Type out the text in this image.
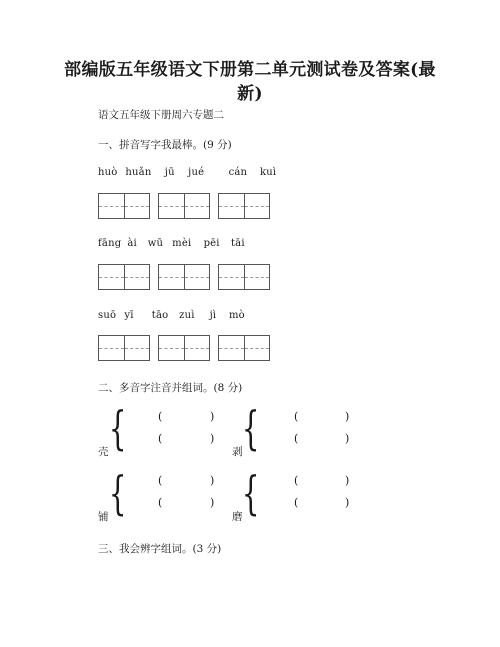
部编版五年级语文下册第二单元测试卷及答案(最新)
语文五年级下册周六专题二
一、拼音写字我最棒。(9 分)
huò huǎn jū jué cán kuì
fāng ài wū mèi pēi tāi
suō yī tāo zuì jì mò
二、多音字注音并组词。(8 分)
{	(	)
(	)
壳	{	(	)
(	)
剥
{	(	)
(	)
铺	{	(	)
(	)
磨
三、我会辨字组词。(3 分)
